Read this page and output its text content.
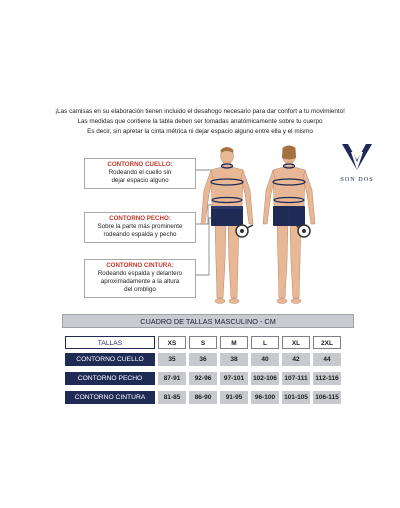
¡Las camisas en su elaboración tienen incluido el desahogo necesario para dar confort a tu movimiento!
Las medidas que contiene la tabla deben ser tomadas anatómicamente sobre tu cuerpo
Es decir, sin apretar la cinta métrica ni dejar espacio alguno entre ella y el mismo
CONTORNO CUELLO:
Rodeando el cuello sin
dejar espacio alguno
CONTORNO PECHO:
Sobre la parte más prominente
rodeando espalda y pecho
CONTORNO CINTURA:
Rodeando espalda y delantero
aproximadamente a la altura
del ombligo
SON DOS
CUADRO DE TALLAS MASCULINO - CM
TALLAS	XS	S	M	L	XL	2XL
CONTORNO CUELLO	35	36	38	40	42	44
CONTORNO PECHO	87-91	92-96	97-101	102-106	107-111	112-116
CONTORNO CINTURA	81-85	86-90	91-95	96-100	101-105	106-115
